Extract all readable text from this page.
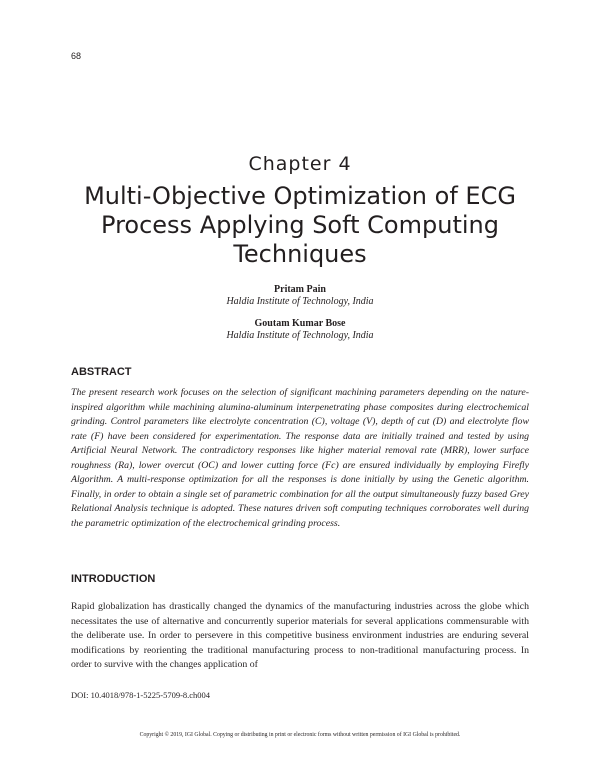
68
Chapter 4
Multi-Objective Optimization of ECG Process Applying Soft Computing Techniques
Pritam Pain
Haldia Institute of Technology, India
Goutam Kumar Bose
Haldia Institute of Technology, India
ABSTRACT

The present research work focuses on the selection of significant machining parameters depending on the nature-inspired algorithm while machining alumina-aluminum interpenetrating phase composites during electrochemical grinding. Control parameters like electrolyte concentration (C), voltage (V), depth of cut (D) and electrolyte flow rate (F) have been considered for experimentation. The response data are initially trained and tested by using Artificial Neural Network. The contradictory responses like higher material removal rate (MRR), lower surface roughness (Ra), lower overcut (OC) and lower cutting force (Fc) are ensured individually by employing Firefly Algorithm. A multi-response optimization for all the responses is done initially by using the Genetic algorithm. Finally, in order to obtain a single set of parametric combination for all the output simultaneously fuzzy based Grey Relational Analysis technique is adopted. These natures driven soft computing techniques corroborates well during the parametric optimization of the electrochemical grinding process.

INTRODUCTION

Rapid globalization has drastically changed the dynamics of the manufacturing industries across the globe which necessitates the use of alternative and concurrently superior materials for several applications commensurable with the deliberate use. In order to persevere in this competitive business environment industries are enduring several modifications by reorienting the traditional manufacturing process to non-traditional manufacturing process. In order to survive with the changes application of

DOI: 10.4018/978-1-5225-5709-8.ch004
Copyright © 2019, IGI Global. Copying or distributing in print or electronic forms without written permission of IGI Global is prohibited.
